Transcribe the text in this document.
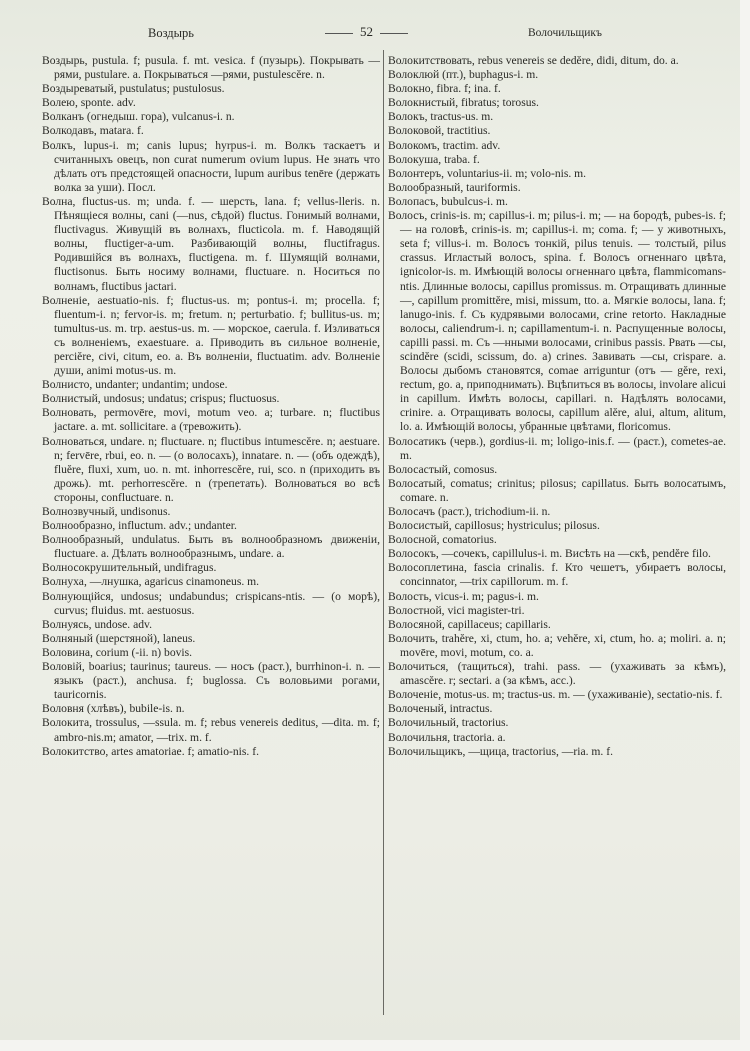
Воздырь	52	Волочильщикъ

Воздырь, pustula. f; pusula. f. mt. vesica. f (пузырь). Покрывать —рями, pustulare. a. Покрываться —рями, pustulescĕre. n.

Воздыреватый, pustulatus; pustulosus.

Волею, sponte. adv.

Волканъ (огнедыш. гора), vulcanus-i. n.

Волкодавъ, matara. f.

Волкъ, lupus-i. m; canis lupus; hyrpus-i. m. Волкъ таскаетъ и считанныхъ овецъ, non curat numerum ovium lupus. Не знать что дѣлать отъ предстоящей опасности, lupum auribus tenēre (держать волка за уши). Посл.

Волна, fluctus-us. m; unda. f. — шерсть, lana. f; vellus-lleris. n. Пѣнящіеся волны, cani (—nus, сѣдой) fluctus. Гонимый волнами, fluctivagus. Живущій въ волнахъ, flucticola. m. f. Наводящій волны, fluctiger-a-um. Разбивающій волны, fluctifragus. Родившійся въ волнахъ, fluctigena. m. f. Шумящій волнами, fluctisonus. Быть носиму волнами, fluctuare. n. Носиться по волнамъ, fluctibus jactari.

Волненіе, aestuatio-nis. f; fluctus-us. m; pontus-i. m; procella. f; fluentum-i. n; fervor-is. m; fretum. n; perturbatio. f; bullitus-us. m; tumultus-us. m. trp. aestus-us. m. — морское, caerula. f. Изливаться съ волненіемъ, exaestuare. a. Приводить въ сильное волненіе, perciĕre, civi, citum, eo. a. Въ волненіи, fluctuatim. adv. Волненіе души, animi motus-us. m.

Волнисто, undanter; undantim; undose.

Волнистый, undosus; undatus; crispus; fluctuosus.

Волновать, permovēre, movi, motum veo. a; turbare. n; fluctibus jactare. a. mt. sollicitare. a (тревожить).

Волноваться, undare. n; fluctuare. n; fluctibus intumescĕre. n; aestuare. n; fervēre, rbui, eo. n. — (о волосахъ), innatare. n. — (объ одеждѣ), fluĕre, fluxi, xum, uo. n. mt. inhorrescĕre, rui, sco. n (приходить въ дрожь). mt. perhorrescĕre. n (трепетать). Волноваться во всѣ стороны, confluctuare. n.

Волнозвучный, undisonus.

Волнообразно, influctum. adv.; undanter.

Волнообразный, undulatus. Быть въ волнообразномъ движеніи, fluctuare. a. Дѣлать волнообразнымъ, undare. a.

Волносокрушительный, undifragus.

Волнуха, —лнушка, agaricus cinamoneus. m.

Волнующійся, undosus; undabundus; crispicans-ntis. — (о морѣ), curvus; fluidus. mt. aestuosus.

Волнуясь, undose. adv.

Волняный (шерстяной), laneus.

Воловина, corium (-ii. n) bovis.

Воловій, boarius; taurinus; taureus. — носъ (раст.), burrhinon-i. n. — языкъ (раст.), anchusa. f; buglossa. Съ воловьими рогами, tauricornis.

Воловня (хлѣвъ), bubile-is. n.

Волокита, trossulus, —ssula. m. f; rebus venereis deditus, —dita. m. f; ambro-nis.m; amator, —trix. m. f.

Волокитство, artes amatoriae. f; amatio-nis. f.

Волокитствовать, rebus venereis se dedĕre, didi, ditum, do. a.

Волоклюй (пт.), buphagus-i. m.

Волокно, fibra. f; ina. f.

Волокнистый, fibratus; torosus.

Волокъ, tractus-us. m.

Волоковой, tractitius.

Волокомъ, tractim. adv.

Волокуша, traba. f.

Волонтеръ, voluntarius-ii. m; volo-nis. m.

Волообразный, tauriformis.

Волопасъ, bubulcus-i. m.

Волосъ, crinis-is. m; capillus-i. m; pilus-i. m; — на бородѣ, pubes-is. f; — на головѣ, crinis-is. m; capillus-i. m; coma. f; — у животныхъ, seta f; villus-i. m. Волосъ тонкій, pilus tenuis. — толстый, pilus crassus. Игластый волосъ, spina. f. Волосъ огненнаго цвѣта, ignicolor-is. m. Имѣющій волосы огненнаго цвѣта, flammicomans-ntis. Длинные волосы, capillus promissus. m. Отращивать длинные —, capillum promittĕre, misi, missum, tto. a. Мягкіе волосы, lana. f; lanugo-inis. f. Съ кудрявыми волосами, crine retorto. Накладные волосы, caliendrum-i. n; capillamentum-i. n. Распущенные волосы, capilli passi. m. Съ —нными волосами, crinibus passis. Рвать —сы, scindĕre (scidi, scissum, do. a) crines. Завивать —сы, crispare. a. Волосы дыбомъ становятся, comae arriguntur (отъ — gĕre, rexi, rectum, go. a, приподнимать). Вцѣпиться въ волосы, involare alicui in capillum. Имѣть волосы, capillari. n. Надѣлять волосами, crinire. a. Отращивать волосы, capillum alĕre, alui, altum, alitum, lo. a. Имѣющій волосы, убранные цвѣтами, floricomus.

Волосатикъ (черв.), gordius-ii. m; loligo-inis.f. — (раст.), cometes-ae. m.

Волосастый, comosus.

Волосатый, comatus; crinitus; pilosus; capillatus. Быть волосатымъ, comare. n.

Волосачъ (раст.), trichodium-ii. n.

Волосистый, capillosus; hystriculus; pilosus.

Волосной, comatorius.

Волосокъ, —сочекъ, capillulus-i. m. Висѣть на —скѣ, pendĕre filo.

Волосоплетина, fascia crinalis. f. Кто чешетъ, убираетъ волосы, concinnator, —trix capillorum. m. f.

Волость, vicus-i. m; pagus-i. m.

Волостной, vici magister-tri.

Волосяной, capillaceus; capillaris.

Волочить, trahĕre, xi, ctum, ho. a; vehĕre, xi, ctum, ho. a; moliri. a. n; movēre, movi, motum, co. a.

Волочиться, (тащиться), trahi. pass. — (ухаживать за кѣмъ), amascĕre. r; sectari. a (за кѣмъ, acc.).

Волоченіе, motus-us. m; tractus-us. m. — (ухаживаніе), sectatio-nis. f.

Волоченый, intractus.

Волочильный, tractorius.

Волочильня, tractoria. a.

Волочильщикъ, —щица, tractorius, —ria. m. f.
